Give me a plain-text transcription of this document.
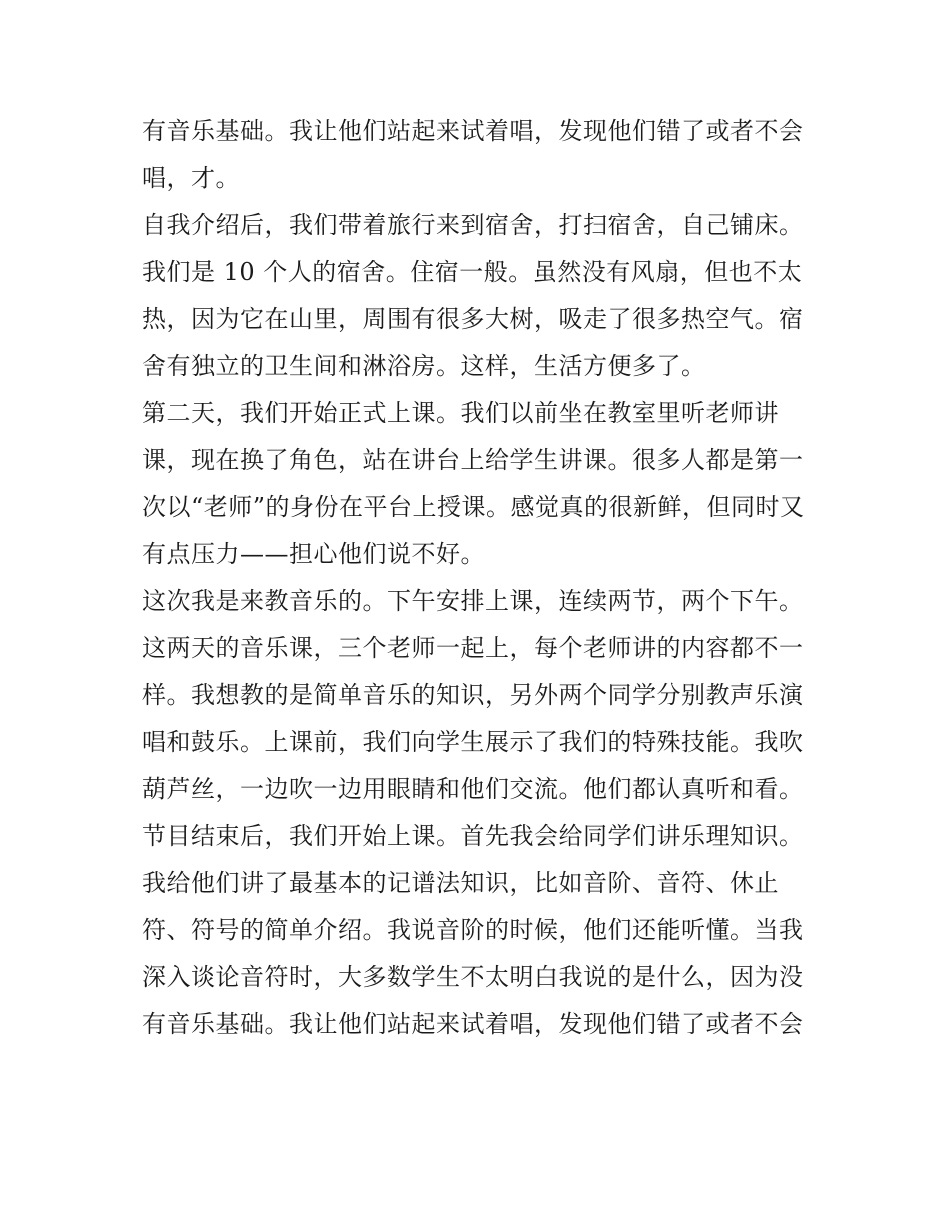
有音乐基础。我让他们站起来试着唱，发现他们错了或者不会
唱，才。
自我介绍后，我们带着旅行来到宿舍，打扫宿舍，自己铺床。
我们是 10 个人的宿舍。住宿一般。虽然没有风扇，但也不太
热，因为它在山里，周围有很多大树，吸走了很多热空气。宿
舍有独立的卫生间和淋浴房。这样，生活方便多了。
第二天，我们开始正式上课。我们以前坐在教室里听老师讲
课，现在换了角色，站在讲台上给学生讲课。很多人都是第一
次以“老师”的身份在平台上授课。感觉真的很新鲜，但同时又
有点压力——担心他们说不好。
这次我是来教音乐的。下午安排上课，连续两节，两个下午。
这两天的音乐课，三个老师一起上，每个老师讲的内容都不一
样。我想教的是简单音乐的知识，另外两个同学分别教声乐演
唱和鼓乐。上课前，我们向学生展示了我们的特殊技能。我吹
葫芦丝，一边吹一边用眼睛和他们交流。他们都认真听和看。
节目结束后，我们开始上课。首先我会给同学们讲乐理知识。
我给他们讲了最基本的记谱法知识，比如音阶、音符、休止
符、符号的简单介绍。我说音阶的时候，他们还能听懂。当我
深入谈论音符时，大多数学生不太明白我说的是什么，因为没
有音乐基础。我让他们站起来试着唱，发现他们错了或者不会
